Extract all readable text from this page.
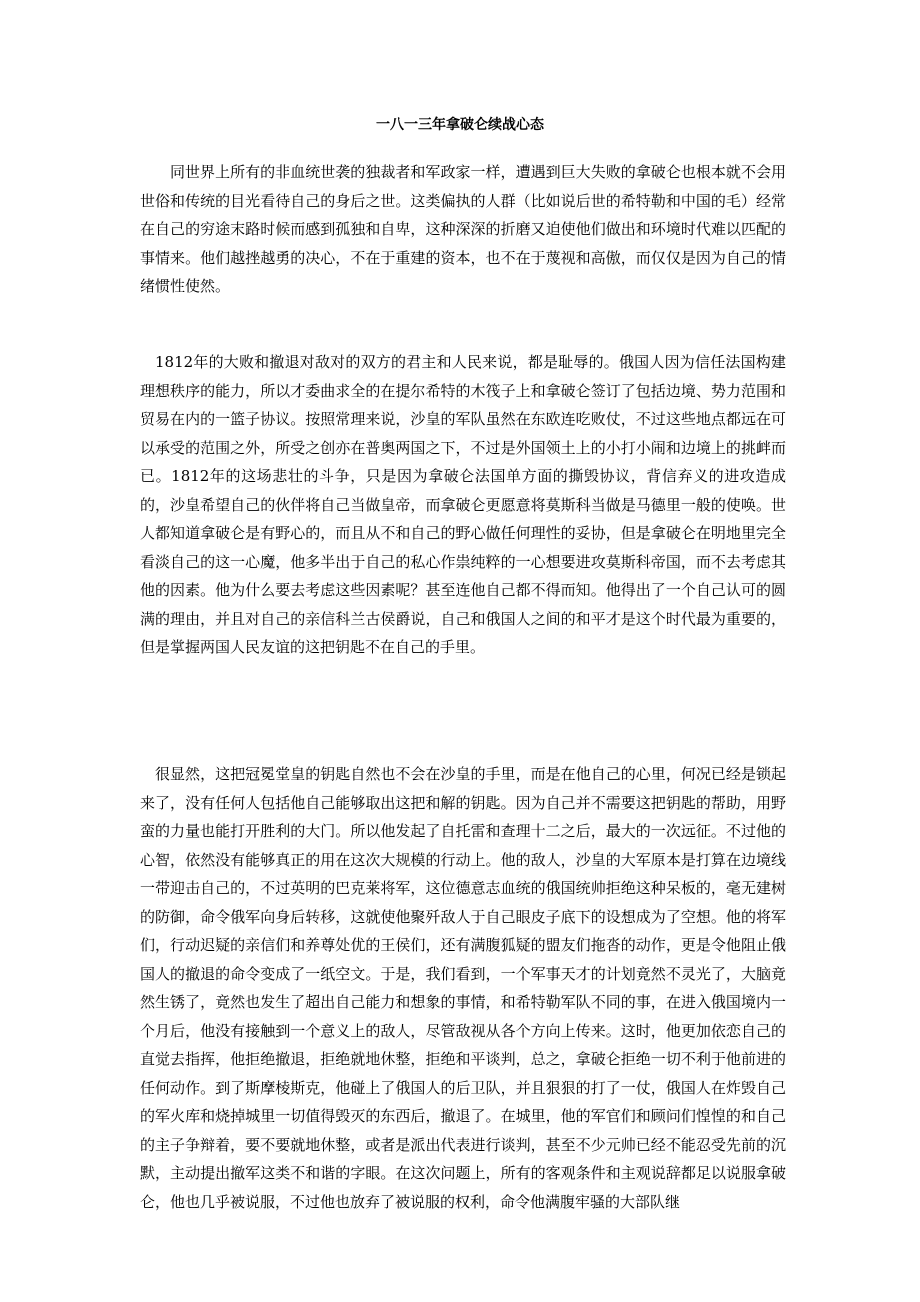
一八一三年拿破仑续战心态

同世界上所有的非血统世袭的独裁者和军政家一样，遭遇到巨大失败的拿破仑也根本就不会用世俗和传统的目光看待自己的身后之世。这类偏执的人群（比如说后世的希特勒和中国的毛）经常在自己的穷途末路时候而感到孤独和自卑，这种深深的折磨又迫使他们做出和环境时代难以匹配的事情来。他们越挫越勇的决心，不在于重建的资本，也不在于蔑视和高傲，而仅仅是因为自己的情绪惯性使然。

1812年的大败和撤退对敌对的双方的君主和人民来说，都是耻辱的。俄国人因为信任法国构建理想秩序的能力，所以才委曲求全的在提尔希特的木筏子上和拿破仑签订了包括边境、势力范围和贸易在内的一篮子协议。按照常理来说，沙皇的军队虽然在东欧连吃败仗，不过这些地点都远在可以承受的范围之外，所受之创亦在普奥两国之下，不过是外国领土上的小打小闹和边境上的挑衅而已。1812年的这场悲壮的斗争，只是因为拿破仑法国单方面的撕毁协议，背信弃义的进攻造成的，沙皇希望自己的伙伴将自己当做皇帝，而拿破仑更愿意将莫斯科当做是马德里一般的使唤。世人都知道拿破仑是有野心的，而且从不和自己的野心做任何理性的妥协，但是拿破仑在明地里完全看淡自己的这一心魔，他多半出于自己的私心作祟纯粹的一心想要进攻莫斯科帝国，而不去考虑其他的因素。他为什么要去考虑这些因素呢？甚至连他自己都不得而知。他得出了一个自己认可的圆满的理由，并且对自己的亲信科兰古侯爵说，自己和俄国人之间的和平才是这个时代最为重要的，但是掌握两国人民友谊的这把钥匙不在自己的手里。

很显然，这把冠冕堂皇的钥匙自然也不会在沙皇的手里，而是在他自己的心里，何况已经是锁起来了，没有任何人包括他自己能够取出这把和解的钥匙。因为自己并不需要这把钥匙的帮助，用野蛮的力量也能打开胜利的大门。所以他发起了自托雷和查理十二之后，最大的一次远征。不过他的心智，依然没有能够真正的用在这次大规模的行动上。他的敌人，沙皇的大军原本是打算在边境线一带迎击自己的，不过英明的巴克莱将军，这位德意志血统的俄国统帅拒绝这种呆板的，毫无建树的防御，命令俄军向身后转移，这就使他聚歼敌人于自己眼皮子底下的设想成为了空想。他的将军们，行动迟疑的亲信们和养尊处优的王侯们，还有满腹狐疑的盟友们拖沓的动作，更是令他阻止俄国人的撤退的命令变成了一纸空文。于是，我们看到，一个军事天才的计划竟然不灵光了，大脑竟然生锈了，竟然也发生了超出自己能力和想象的事情，和希特勒军队不同的事，在进入俄国境内一个月后，他没有接触到一个意义上的敌人，尽管敌视从各个方向上传来。这时，他更加依恋自己的直觉去指挥，他拒绝撤退，拒绝就地休整，拒绝和平谈判，总之，拿破仑拒绝一切不利于他前进的任何动作。到了斯摩棱斯克，他碰上了俄国人的后卫队，并且狠狠的打了一仗，俄国人在炸毁自己的军火库和烧掉城里一切值得毁灭的东西后，撤退了。在城里，他的军官们和顾问们惶惶的和自己的主子争辩着，要不要就地休整，或者是派出代表进行谈判，甚至不少元帅已经不能忍受先前的沉默，主动提出撤军这类不和谐的字眼。在这次问题上，所有的客观条件和主观说辞都足以说服拿破仑，他也几乎被说服，不过他也放弃了被说服的权利，命令他满腹牢骚的大部队继
